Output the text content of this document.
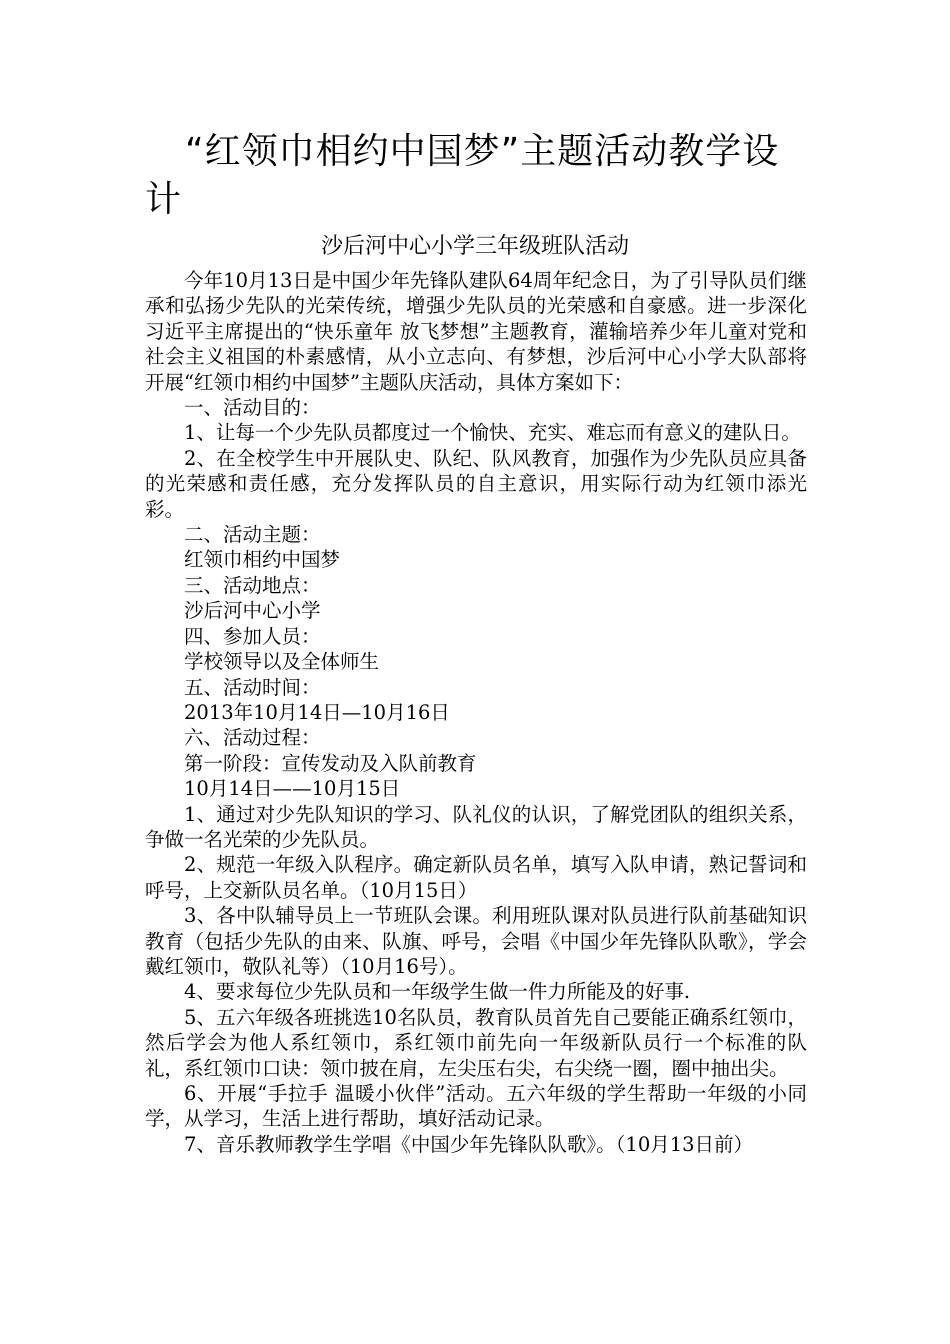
“红领巾相约中国梦”主题活动教学设计
沙后河中心小学三年级班队活动

今年10月13日是中国少年先锋队建队64周年纪念日，为了引导队员们继承和弘扬少先队的光荣传统，增强少先队员的光荣感和自豪感。进一步深化习近平主席提出的“快乐童年 放飞梦想”主题教育，灌输培养少年儿童对党和社会主义祖国的朴素感情，从小立志向、有梦想，沙后河中心小学大队部将开展“红领巾相约中国梦”主题队庆活动，具体方案如下：

一、活动目的：

1、让每一个少先队员都度过一个愉快、充实、难忘而有意义的建队日。

2、在全校学生中开展队史、队纪、队风教育，加强作为少先队员应具备的光荣感和责任感，充分发挥队员的自主意识，用实际行动为红领巾添光彩。

二、活动主题：

红领巾相约中国梦

三、活动地点：

沙后河中心小学

四、参加人员：

学校领导以及全体师生

五、活动时间：

2013年10月14日—10月16日

六、活动过程：

第一阶段：宣传发动及入队前教育

10月14日——10月15日

1、通过对少先队知识的学习、队礼仪的认识，了解党团队的组织关系，争做一名光荣的少先队员。

2、规范一年级入队程序。确定新队员名单，填写入队申请，熟记誓词和呼号，上交新队员名单。（10月15日）

3、各中队辅导员上一节班队会课。利用班队课对队员进行队前基础知识教育（包括少先队的由来、队旗、呼号，会唱《中国少年先锋队队歌》，学会戴红领巾，敬队礼等）（10月16号）。

4、要求每位少先队员和一年级学生做一件力所能及的好事.

5、五六年级各班挑选10名队员，教育队员首先自己要能正确系红领巾，然后学会为他人系红领巾，系红领巾前先向一年级新队员行一个标准的队礼，系红领巾口诀：领巾披在肩，左尖压右尖，右尖绕一圈，圈中抽出尖。

6、开展“手拉手 温暖小伙伴”活动。五六年级的学生帮助一年级的小同学，从学习，生活上进行帮助，填好活动记录。

7、音乐教师教学生学唱《中国少年先锋队队歌》。（10月13日前）
